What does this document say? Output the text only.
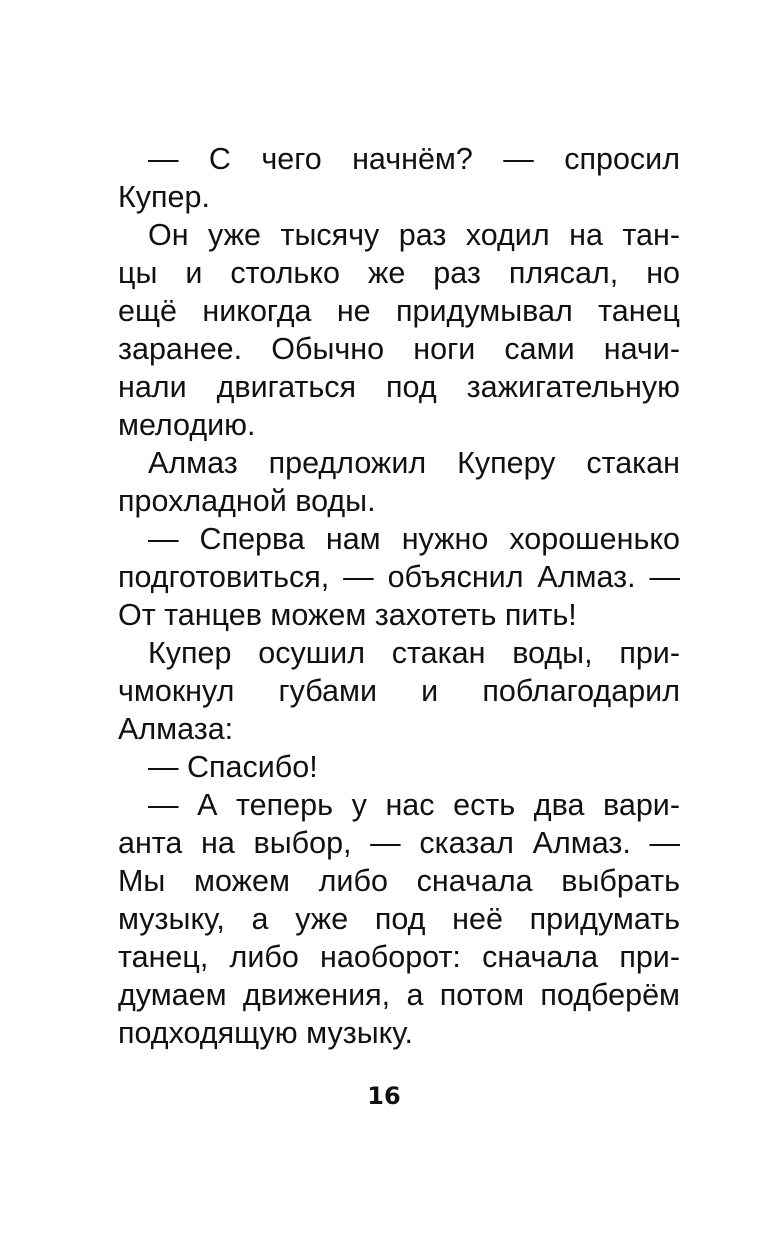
— С чего начнём? — спросил
Купер.
Он уже тысячу раз ходил на тан-
цы и столько же раз плясал, но
ещё никогда не придумывал танец
заранее. Обычно ноги сами начи-
нали двигаться под зажигательную
мелодию.
Алмаз предложил Куперу стакан
прохладной воды.
— Сперва нам нужно хорошенько
подготовиться, — объяснил Алмаз. —
От танцев можем захотеть пить!
Купер осушил стакан воды, при-
чмокнул губами и поблагодарил
Алмаза:
— Спасибо!
— А теперь у нас есть два вари-
анта на выбор, — сказал Алмаз. —
Мы можем либо сначала выбрать
музыку, а уже под неё придумать
танец, либо наоборот: сначала при-
думаем движения, а потом подберём
подходящую музыку.
16
